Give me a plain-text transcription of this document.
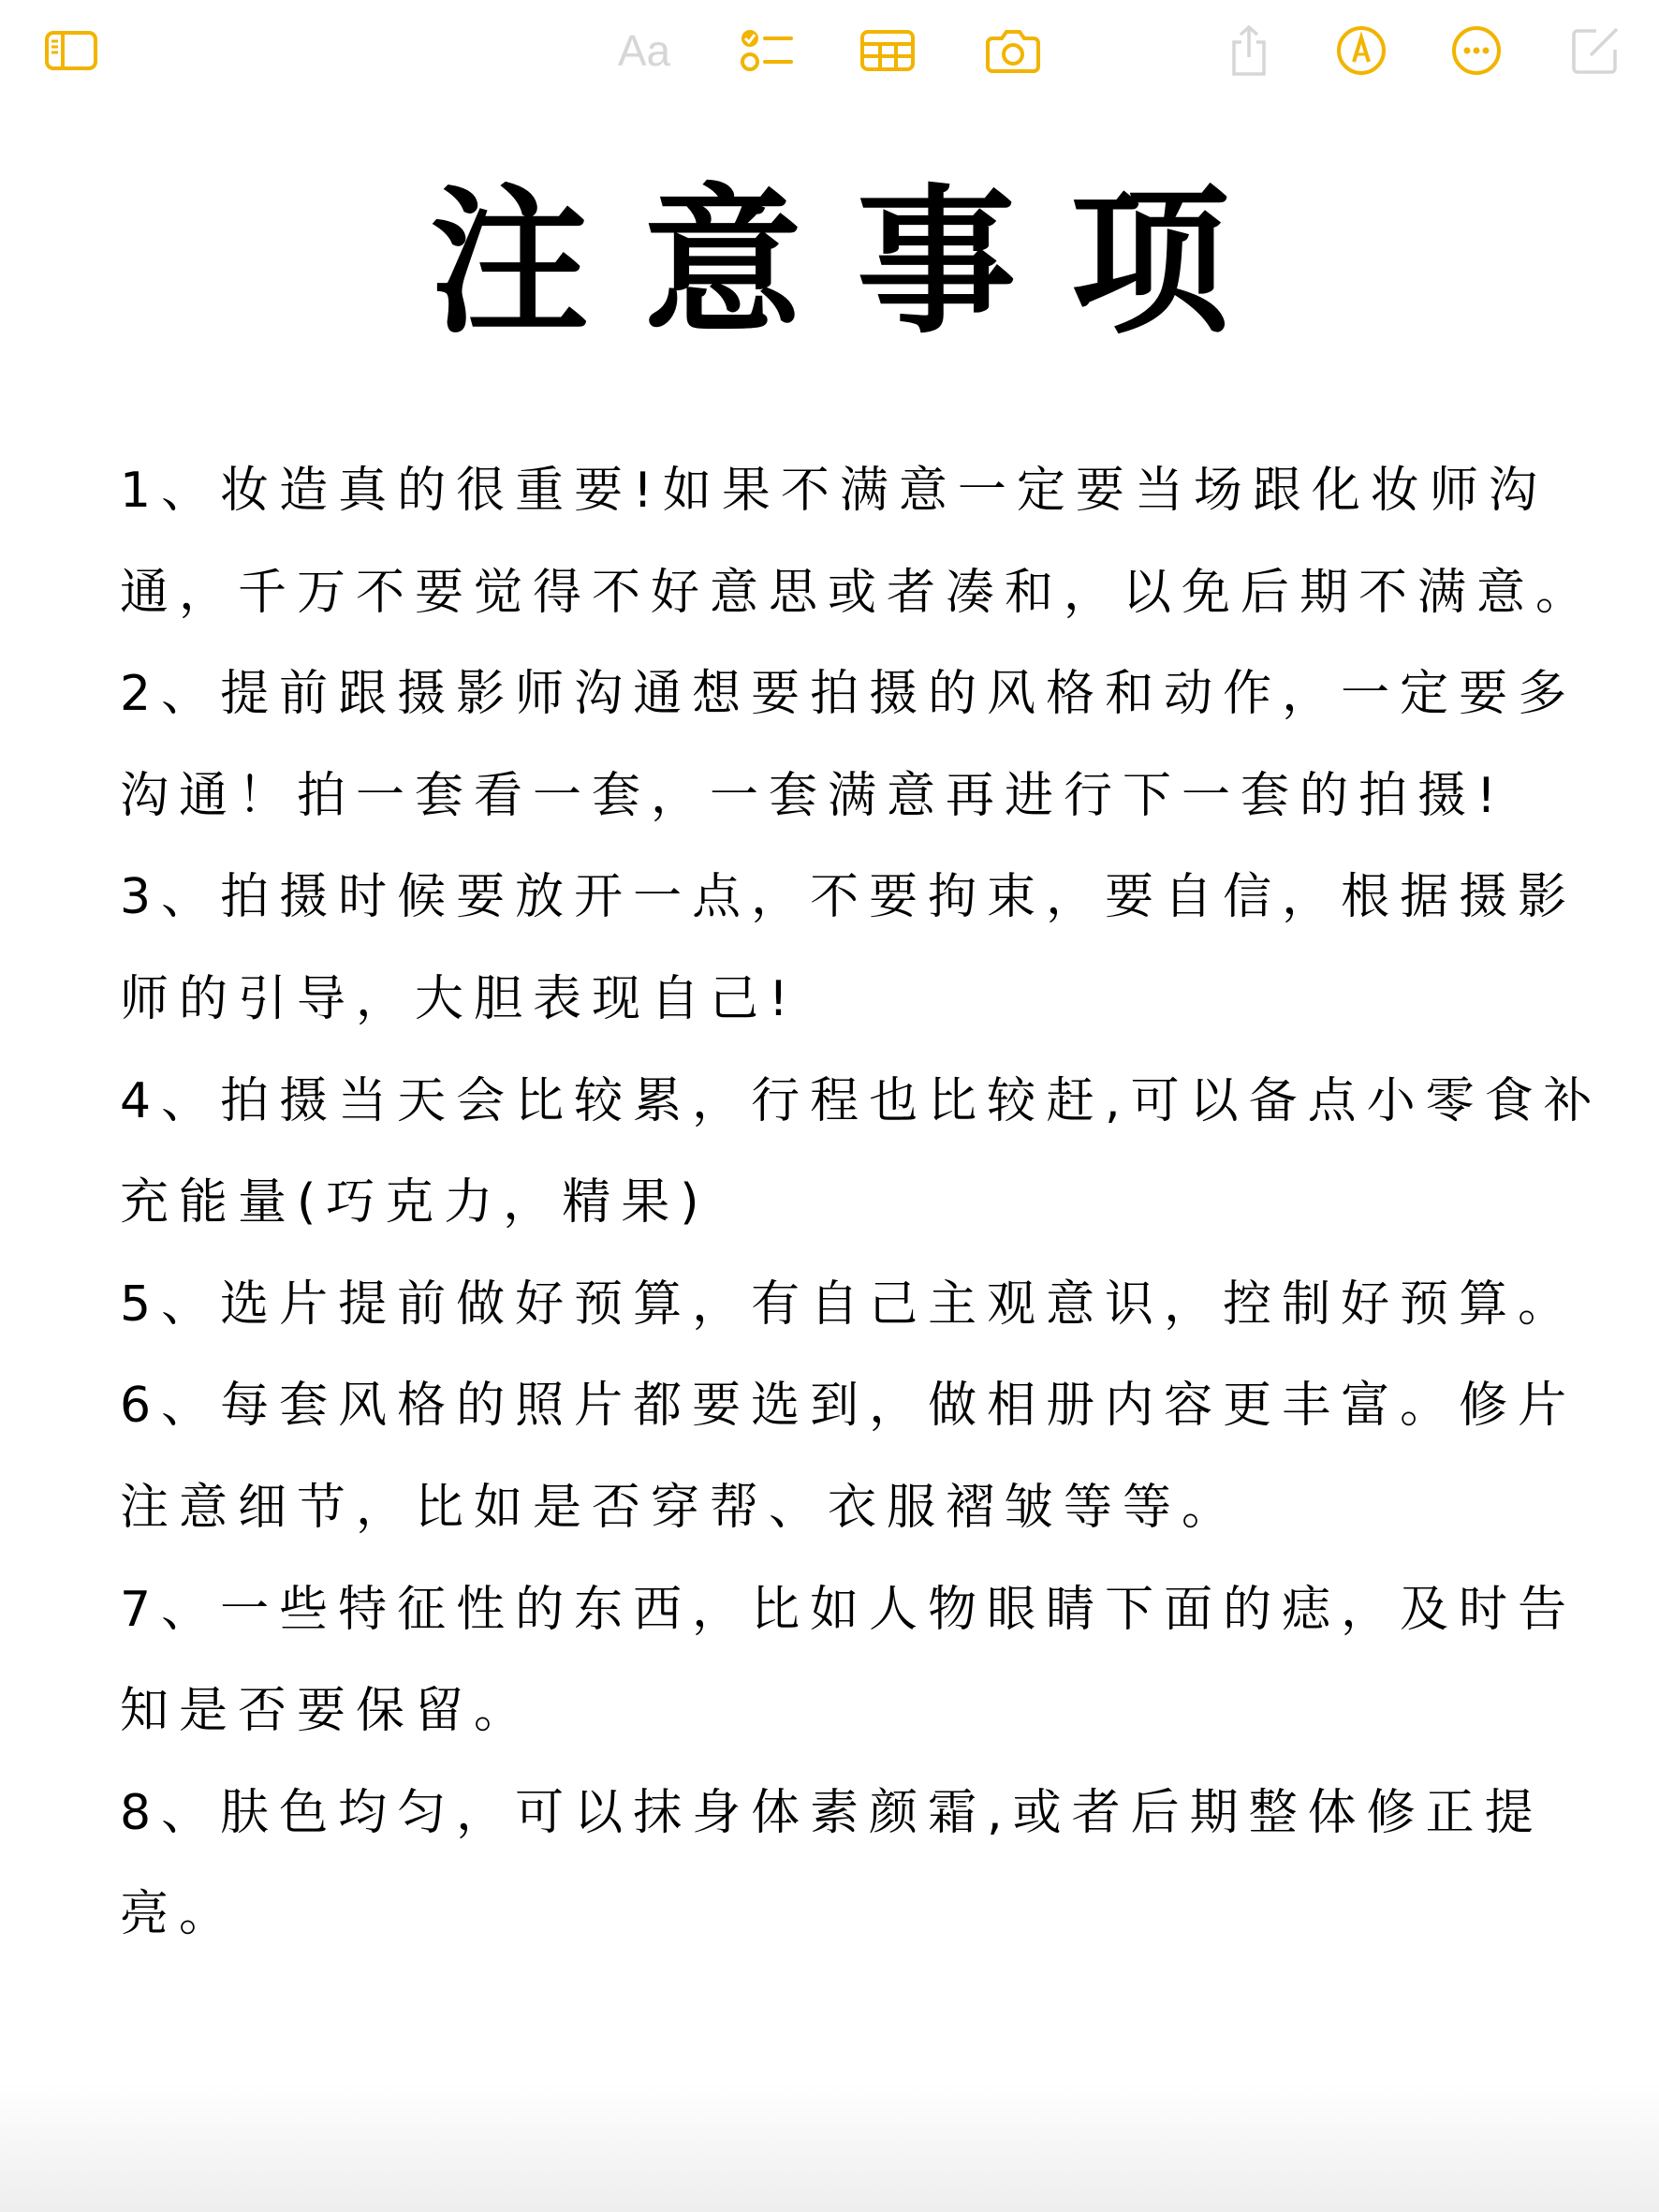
Aa
注意事项
1、妆造真的很重要!如果不满意一定要当场跟化妆师沟通，千万不要觉得不好意思或者凑和，以免后期不满意。
2、提前跟摄影师沟通想要拍摄的风格和动作，一定要多沟通！拍一套看一套，一套满意再进行下一套的拍摄!
3、拍摄时候要放开一点，不要拘束，要自信，根据摄影师的引导，大胆表现自己!
4、拍摄当天会比较累，行程也比较赶,可以备点小零食补充能量(巧克力，精果)
5、选片提前做好预算，有自己主观意识，控制好预算。
6、每套风格的照片都要选到，做相册内容更丰富。修片注意细节，比如是否穿帮、衣服褶皱等等。
7、一些特征性的东西，比如人物眼睛下面的痣，及时告知是否要保留。
8、肤色均匀，可以抹身体素颜霜,或者后期整体修正提亮。
